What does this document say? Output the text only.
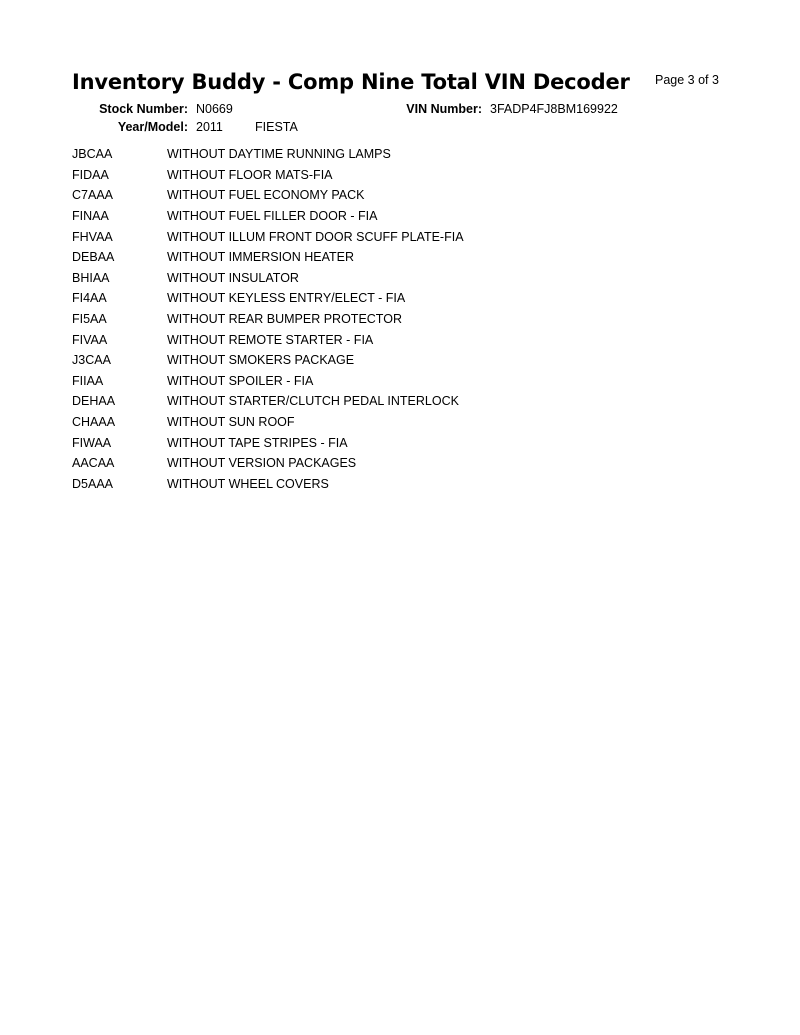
Inventory Buddy - Comp Nine Total VIN Decoder Page 3 of 3
Stock Number: N0669	VIN Number: 3FADP4FJ8BM169922
Year/Model: 2011	FIESTA
JBCAA	WITHOUT DAYTIME RUNNING LAMPS
FIDAA	WITHOUT FLOOR MATS-FIA
C7AAA	WITHOUT FUEL ECONOMY PACK
FINAA	WITHOUT FUEL FILLER DOOR - FIA
FHVAA	WITHOUT ILLUM FRONT DOOR SCUFF PLATE-FIA
DEBAA	WITHOUT IMMERSION HEATER
BHIAA	WITHOUT INSULATOR
FI4AA	WITHOUT KEYLESS ENTRY/ELECT - FIA
FI5AA	WITHOUT REAR BUMPER PROTECTOR
FIVAA	WITHOUT REMOTE STARTER - FIA
J3CAA	WITHOUT SMOKERS PACKAGE
FIIAA	WITHOUT SPOILER - FIA
DEHAA	WITHOUT STARTER/CLUTCH PEDAL INTERLOCK
CHAAA	WITHOUT SUN ROOF
FIWAA	WITHOUT TAPE STRIPES - FIA
AACAA	WITHOUT VERSION PACKAGES
D5AAA	WITHOUT WHEEL COVERS
